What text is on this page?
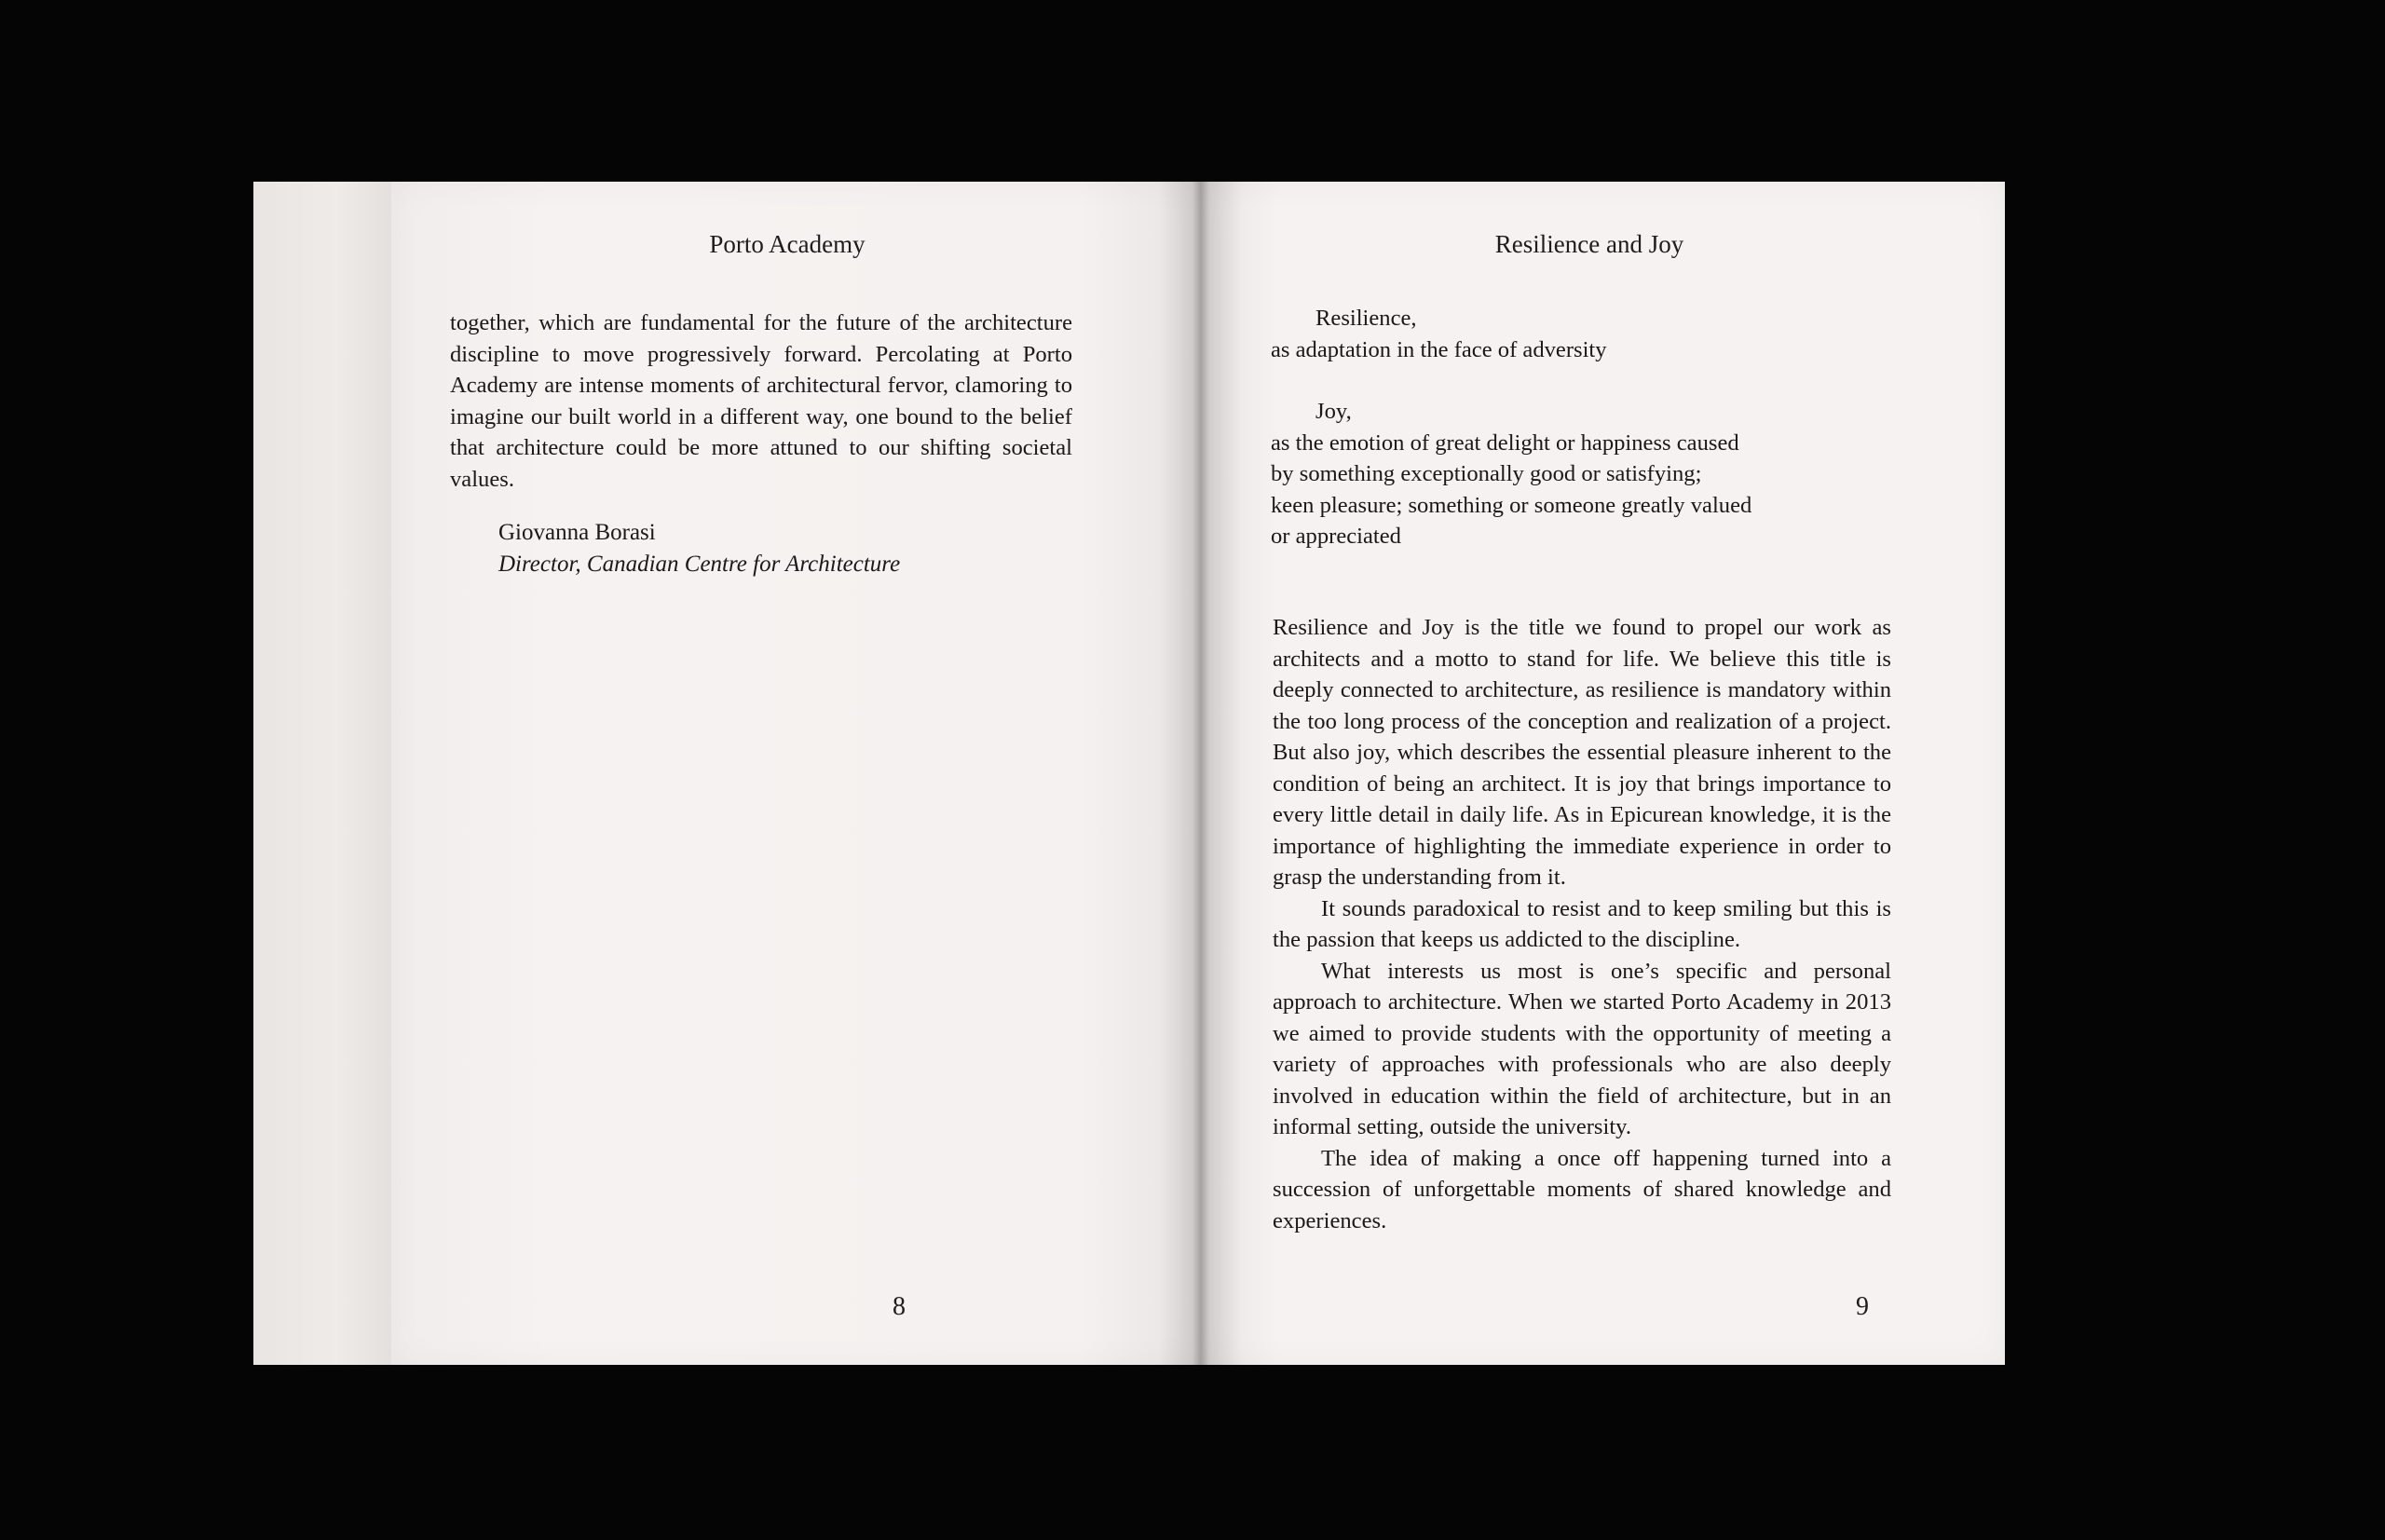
Porto Academy

together, which are fundamental for the future of the architecture discipline to move progressively forward. Percolating at Porto Academy are intense moments of architectural fervor, clamoring to imagine our built world in a different way, one bound to the belief that architecture could be more attuned to our shifting societal values.

Giovanna Borasi
Director, Canadian Centre for Architecture
8
Resilience and Joy
Resilience,
as adaptation in the face of adversity
Joy,
as the emotion of great delight or happiness caused
by something exceptionally good or satisfying;
keen pleasure; something or someone greatly valued
or appreciated

Resilience and Joy is the title we found to propel our work as architects and a motto to stand for life. We believe this title is deeply connected to architecture, as resilience is mandatory within the too long process of the conception and realization of a project. But also joy, which describes the essential pleasure inherent to the condition of being an architect. It is joy that brings importance to every little detail in daily life. As in Epicurean knowledge, it is the importance of highlighting the immediate experience in order to grasp the understanding from it.

It sounds paradoxical to resist and to keep smiling but this is the passion that keeps us addicted to the discipline.

What interests us most is one’s specific and personal approach to architecture. When we started Porto Academy in 2013 we aimed to provide students with the opportunity of meeting a variety of approaches with professionals who are also deeply involved in education within the field of architecture, but in an informal setting, outside the university.

The idea of making a once off happening turned into a succession of unforgettable moments of shared knowledge and experiences.

9
